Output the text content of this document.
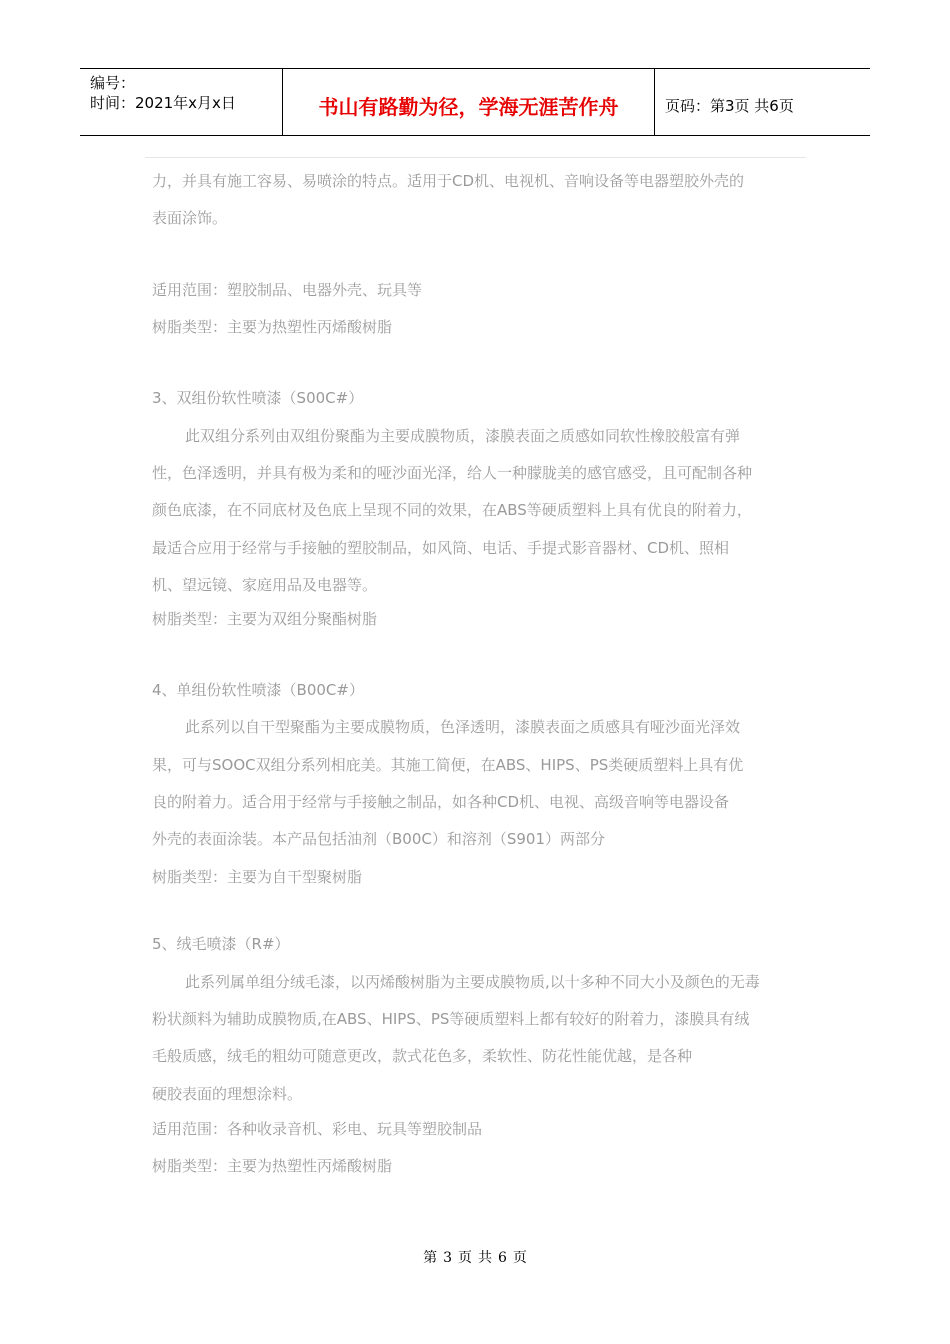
编号：
时间：2021年x月x日	书山有路勤为径，学海无涯苦作舟	页码：第3页 共6页
力，并具有施工容易、易喷涂的特点。适用于CD机、电视机、音响设备等电器塑胶外壳的
表面涂饰。
适用范围：塑胶制品、电器外壳、玩具等
树脂类型：主要为热塑性丙烯酸树脂
3、双组份软性喷漆（S00C#）
此双组分系列由双组份聚酯为主要成膜物质，漆膜表面之质感如同软性橡胶般富有弹
性，色泽透明，并具有极为柔和的哑沙面光泽，给人一种朦胧美的感官感受，且可配制各种
颜色底漆，在不同底材及色底上呈现不同的效果，在ABS等硬质塑料上具有优良的附着力，
最适合应用于经常与手接触的塑胶制品，如风筒、电话、手提式影音器材、CD机、照相
机、望远镜、家庭用品及电器等。
树脂类型：主要为双组分聚酯树脂
4、单组份软性喷漆（B00C#）
此系列以自干型聚酯为主要成膜物质，色泽透明，漆膜表面之质感具有哑沙面光泽效
果，可与SOOC双组分系列相庇美。其施工简便，在ABS、HIPS、PS类硬质塑料上具有优
良的附着力。适合用于经常与手接触之制品，如各种CD机、电视、高级音响等电器设备
外壳的表面涂装。本产品包括油剂（B00C）和溶剂（S901）两部分
树脂类型：主要为自干型聚树脂
5、绒毛喷漆（R#）
此系列属单组分绒毛漆，以丙烯酸树脂为主要成膜物质,以十多种不同大小及颜色的无毒
粉状颜料为辅助成膜物质,在ABS、HIPS、PS等硬质塑料上都有较好的附着力，漆膜具有绒
毛般质感，绒毛的粗幼可随意更改，款式花色多，柔软性、防花性能优越，是各种
硬胶表面的理想涂料。
适用范围：各种收录音机、彩电、玩具等塑胶制品
树脂类型：主要为热塑性丙烯酸树脂
第 3 页 共 6 页
